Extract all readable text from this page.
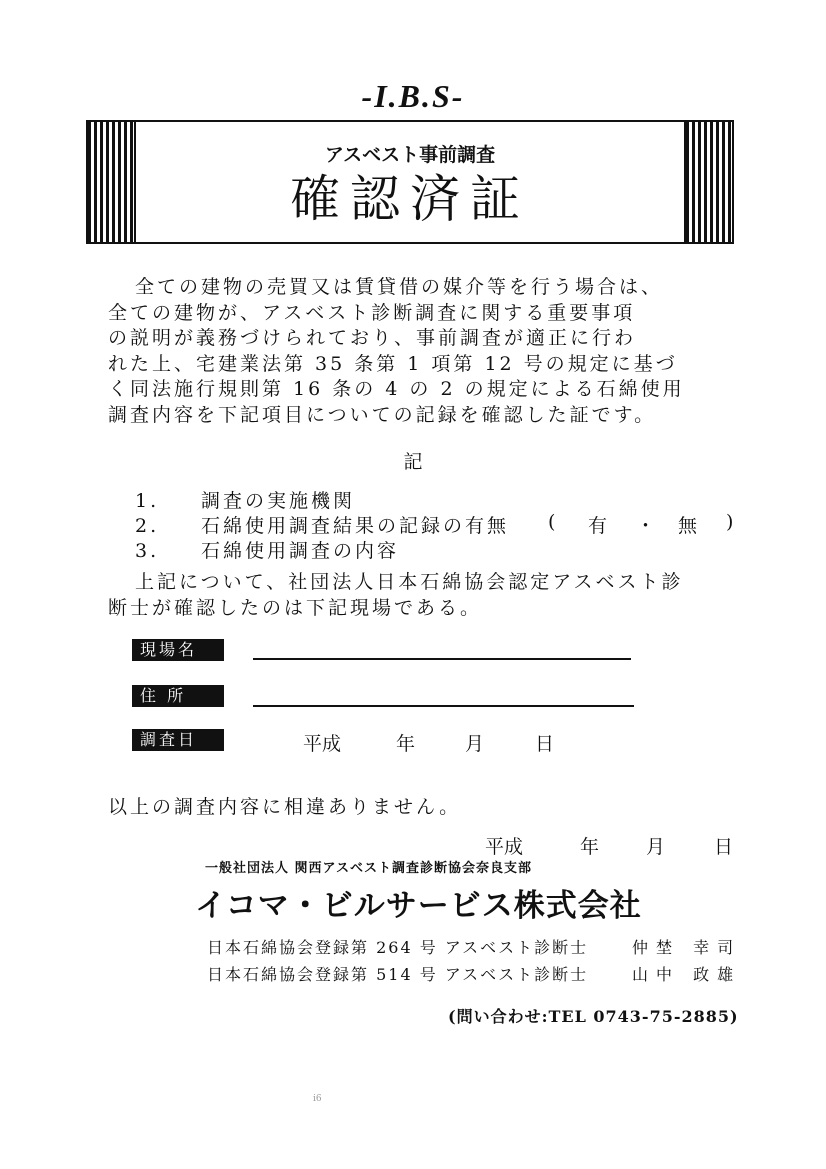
-I.B.S-
アスベスト事前調査
確認済証
全ての建物の売買又は賃貸借の媒介等を行う場合は、
全ての建物が、アスベスト診断調査に関する重要事項
の説明が義務づけられており、事前調査が適正に行わ
れた上、宅建業法第 35 条第 1 項第 12 号の規定に基づ
く同法施行規則第 16 条の 4 の 2 の規定による石綿使用
調査内容を下記項目についての記録を確認した証です。
記
1. 調査の実施機関
2. 石綿使用調査結果の記録の有無 ( 有 ・ 無 )
3. 石綿使用調査の内容
上記について、社団法人日本石綿協会認定アスベスト診
断士が確認したのは下記現場である。
現場名
住 所
調査日	平成	年	月	日
以上の調査内容に相違ありません。
平成	年 月	日
一般社団法人 関西アスベスト調査診断協会奈良支部
イコマ・ビルサービス株式会社
日本石綿協会登録第 264 号 アスベスト診断士	仲埜 幸司
日本石綿協会登録第 514 号 アスベスト診断士	山中 政雄
(問い合わせ:TEL 0743-75-2885)
i6
